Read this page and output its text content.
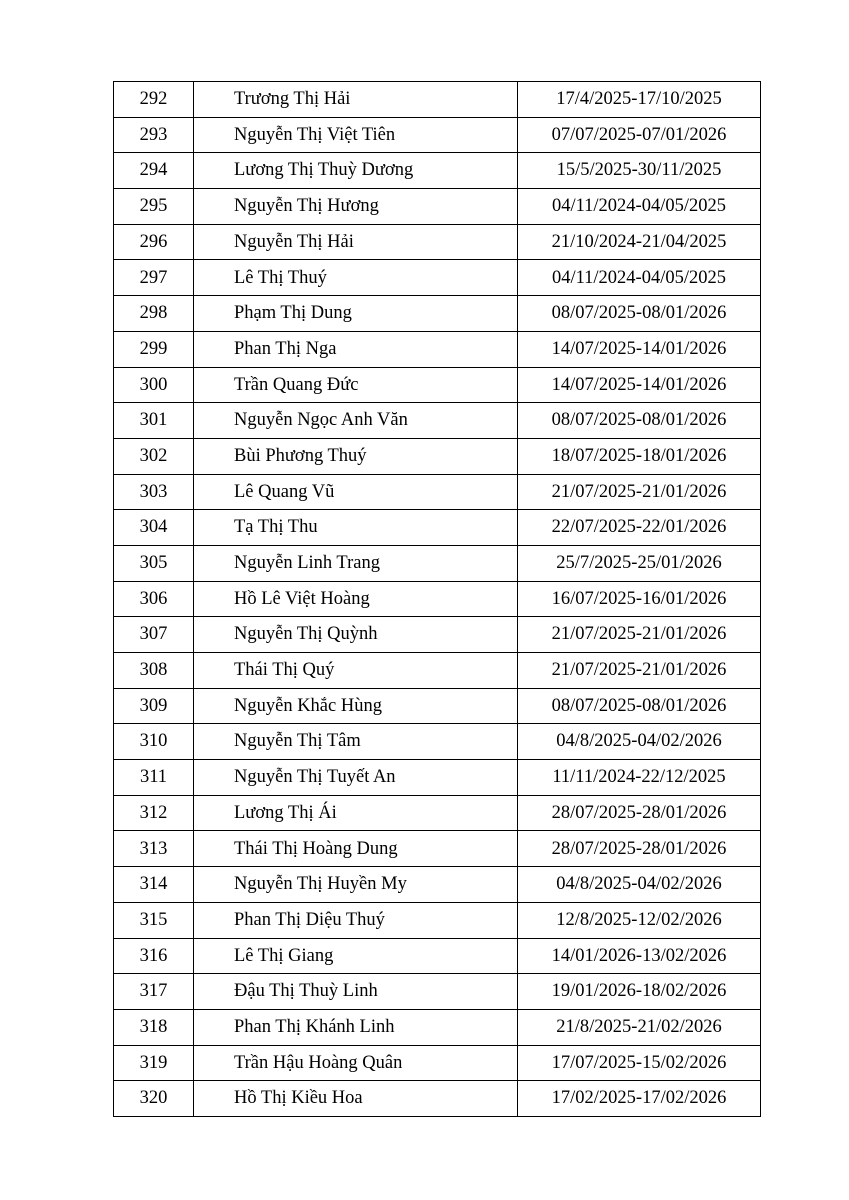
292	Trương Thị Hải	17/4/2025-17/10/2025
293	Nguyễn Thị Việt Tiên	07/07/2025-07/01/2026
294	Lương Thị Thuỳ Dương	15/5/2025-30/11/2025
295	Nguyễn Thị Hương	04/11/2024-04/05/2025
296	Nguyễn Thị Hải	21/10/2024-21/04/2025
297	Lê Thị Thuý	04/11/2024-04/05/2025
298	Phạm Thị Dung	08/07/2025-08/01/2026
299	Phan Thị Nga	14/07/2025-14/01/2026
300	Trần Quang Đức	14/07/2025-14/01/2026
301	Nguyễn Ngọc Anh Văn	08/07/2025-08/01/2026
302	Bùi Phương Thuý	18/07/2025-18/01/2026
303	Lê Quang Vũ	21/07/2025-21/01/2026
304	Tạ Thị Thu	22/07/2025-22/01/2026
305	Nguyễn Linh Trang	25/7/2025-25/01/2026
306	Hồ Lê Việt Hoàng	16/07/2025-16/01/2026
307	Nguyễn Thị Quỳnh	21/07/2025-21/01/2026
308	Thái Thị Quý	21/07/2025-21/01/2026
309	Nguyễn Khắc Hùng	08/07/2025-08/01/2026
310	Nguyễn Thị Tâm	04/8/2025-04/02/2026
311	Nguyễn Thị Tuyết An	11/11/2024-22/12/2025
312	Lương Thị Ái	28/07/2025-28/01/2026
313	Thái Thị Hoàng Dung	28/07/2025-28/01/2026
314	Nguyễn Thị Huyền My	04/8/2025-04/02/2026
315	Phan Thị Diệu Thuý	12/8/2025-12/02/2026
316	Lê Thị Giang	14/01/2026-13/02/2026
317	Đậu Thị Thuỳ Linh	19/01/2026-18/02/2026
318	Phan Thị Khánh Linh	21/8/2025-21/02/2026
319	Trần Hậu Hoàng Quân	17/07/2025-15/02/2026
320	Hồ Thị Kiều Hoa	17/02/2025-17/02/2026
